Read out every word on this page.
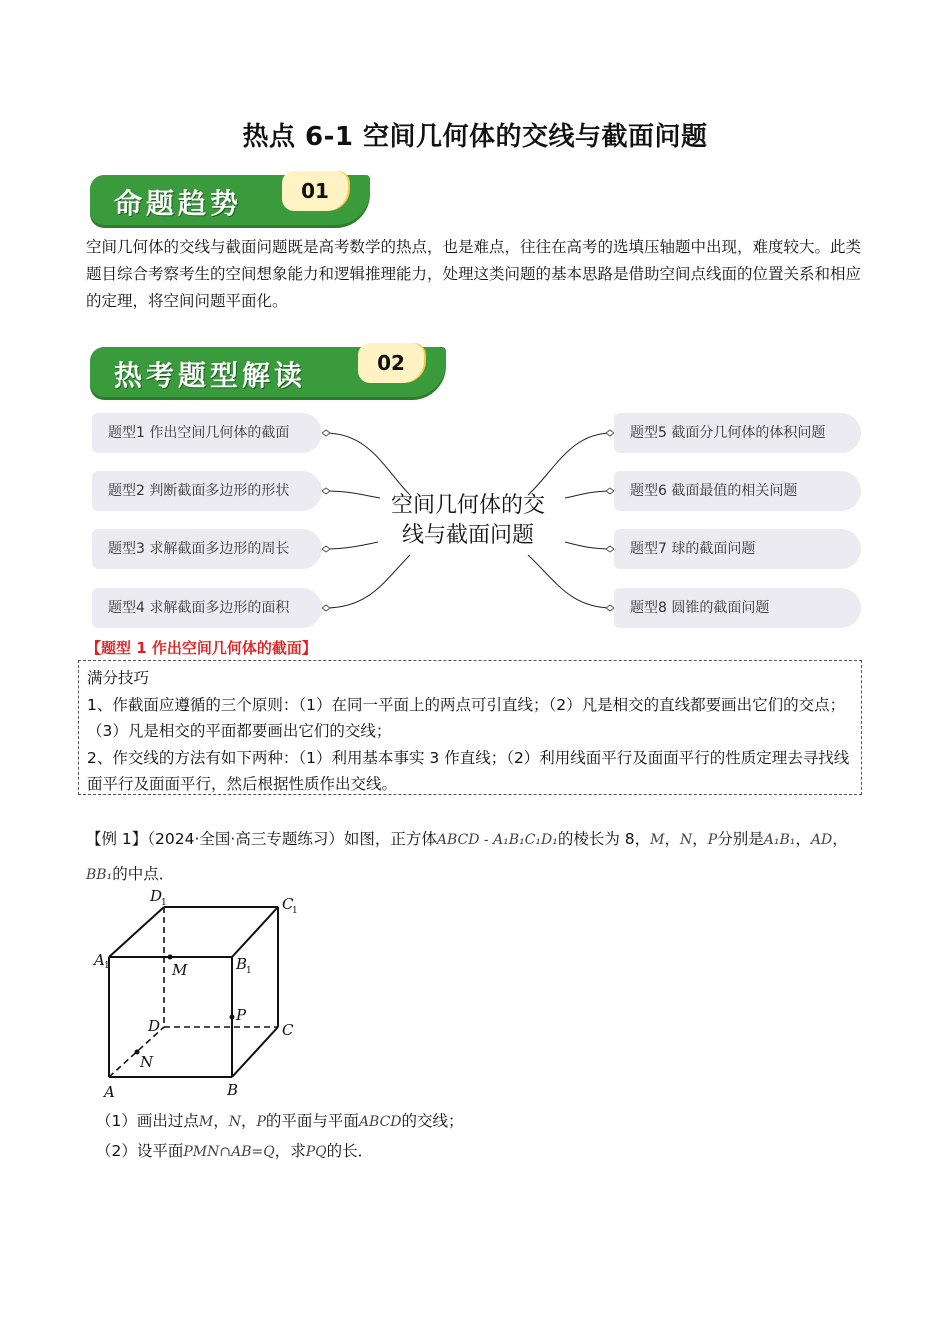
热点 6-1 空间几何体的交线与截面问题
命题趋势	01
空间几何体的交线与截面问题既是高考数学的热点，也是难点，往往在高考的选填压轴题中出现，难度较大。此类题目综合考察考生的空间想象能力和逻辑推理能力，处理这类问题的基本思路是借助空间点线面的位置关系和相应的定理，将空间问题平面化。
热考题型解读	02
题型1 作出空间几何体的截面
题型2 判断截面多边形的形状
题型3 求解截面多边形的周长
题型4 求解截面多边形的面积
空间几何体的交
线与截面问题
题型5 截面分几何体的体积问题
题型6 截面最值的相关问题
题型7 球的截面问题
题型8 圆锥的截面问题
【题型 1 作出空间几何体的截面】
满分技巧
1、作截面应遵循的三个原则：（1）在同一平面上的两点可引直线；（2）凡是相交的直线都要画出它们的交点；（3）凡是相交的平面都要画出它们的交线；
2、作交线的方法有如下两种：（1）利用基本事实 3 作直线；（2）利用线面平行及面面平行的性质定理去寻找线面平行及面面平行，然后根据性质作出交线。
【例 1】（2024·全国·高三专题练习）如图，正方体ABCD - A₁B₁C₁D₁的棱长为 8，M，N，P分别是A₁B₁，AD，BB₁的中点．
A 1
D
1	C
1
B
1
M
P
D	C
N
A	B
（1）画出过点M，N，P的平面与平面ABCD的交线；
（2）设平面PMN∩AB=Q，求PQ的长．
